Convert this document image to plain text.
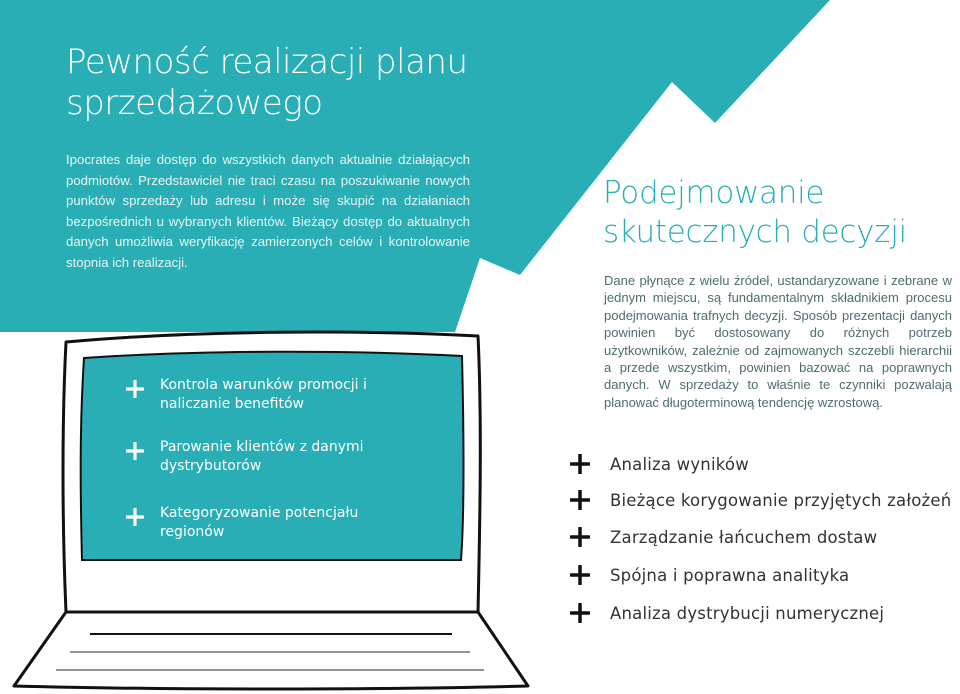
Pewność realizacji planu sprzedażowego

Ipocrates daje dostęp do wszystkich danych aktualnie działających podmiotów. Przedstawiciel nie traci czasu na poszukiwanie nowych punktów sprzedaży lub adresu i może się skupić na działaniach bezpośrednich u wybranych klientów. Bieżący dostęp do aktualnych danych umożliwia weryfikację zamierzonych celów i kontrolowanie stopnia ich realizacji.

Kontrola warunków promocji i naliczanie benefitów
Parowanie klientów z danymi dystrybutorów
Kategoryzowanie potencjału regionów
Podejmowanie skutecznych decyzji

Dane płynące z wielu źródeł, ustandaryzowane i zebrane w jednym miejscu, są fundamentalnym składnikiem procesu podejmowania trafnych decyzji. Sposób prezentacji danych powinien być dostosowany do różnych potrzeb użytkowników, zależnie od zajmowanych szczebli hierarchii a przede wszystkim, powinien bazować na poprawnych danych. W sprzedaży to właśnie te czynniki pozwalają planować długoterminową tendencję wzrostową.

Analiza wyników
Bieżące korygowanie przyjętych założeń
Zarządzanie łańcuchem dostaw
Spójna i poprawna analityka
Analiza dystrybucji numerycznej
